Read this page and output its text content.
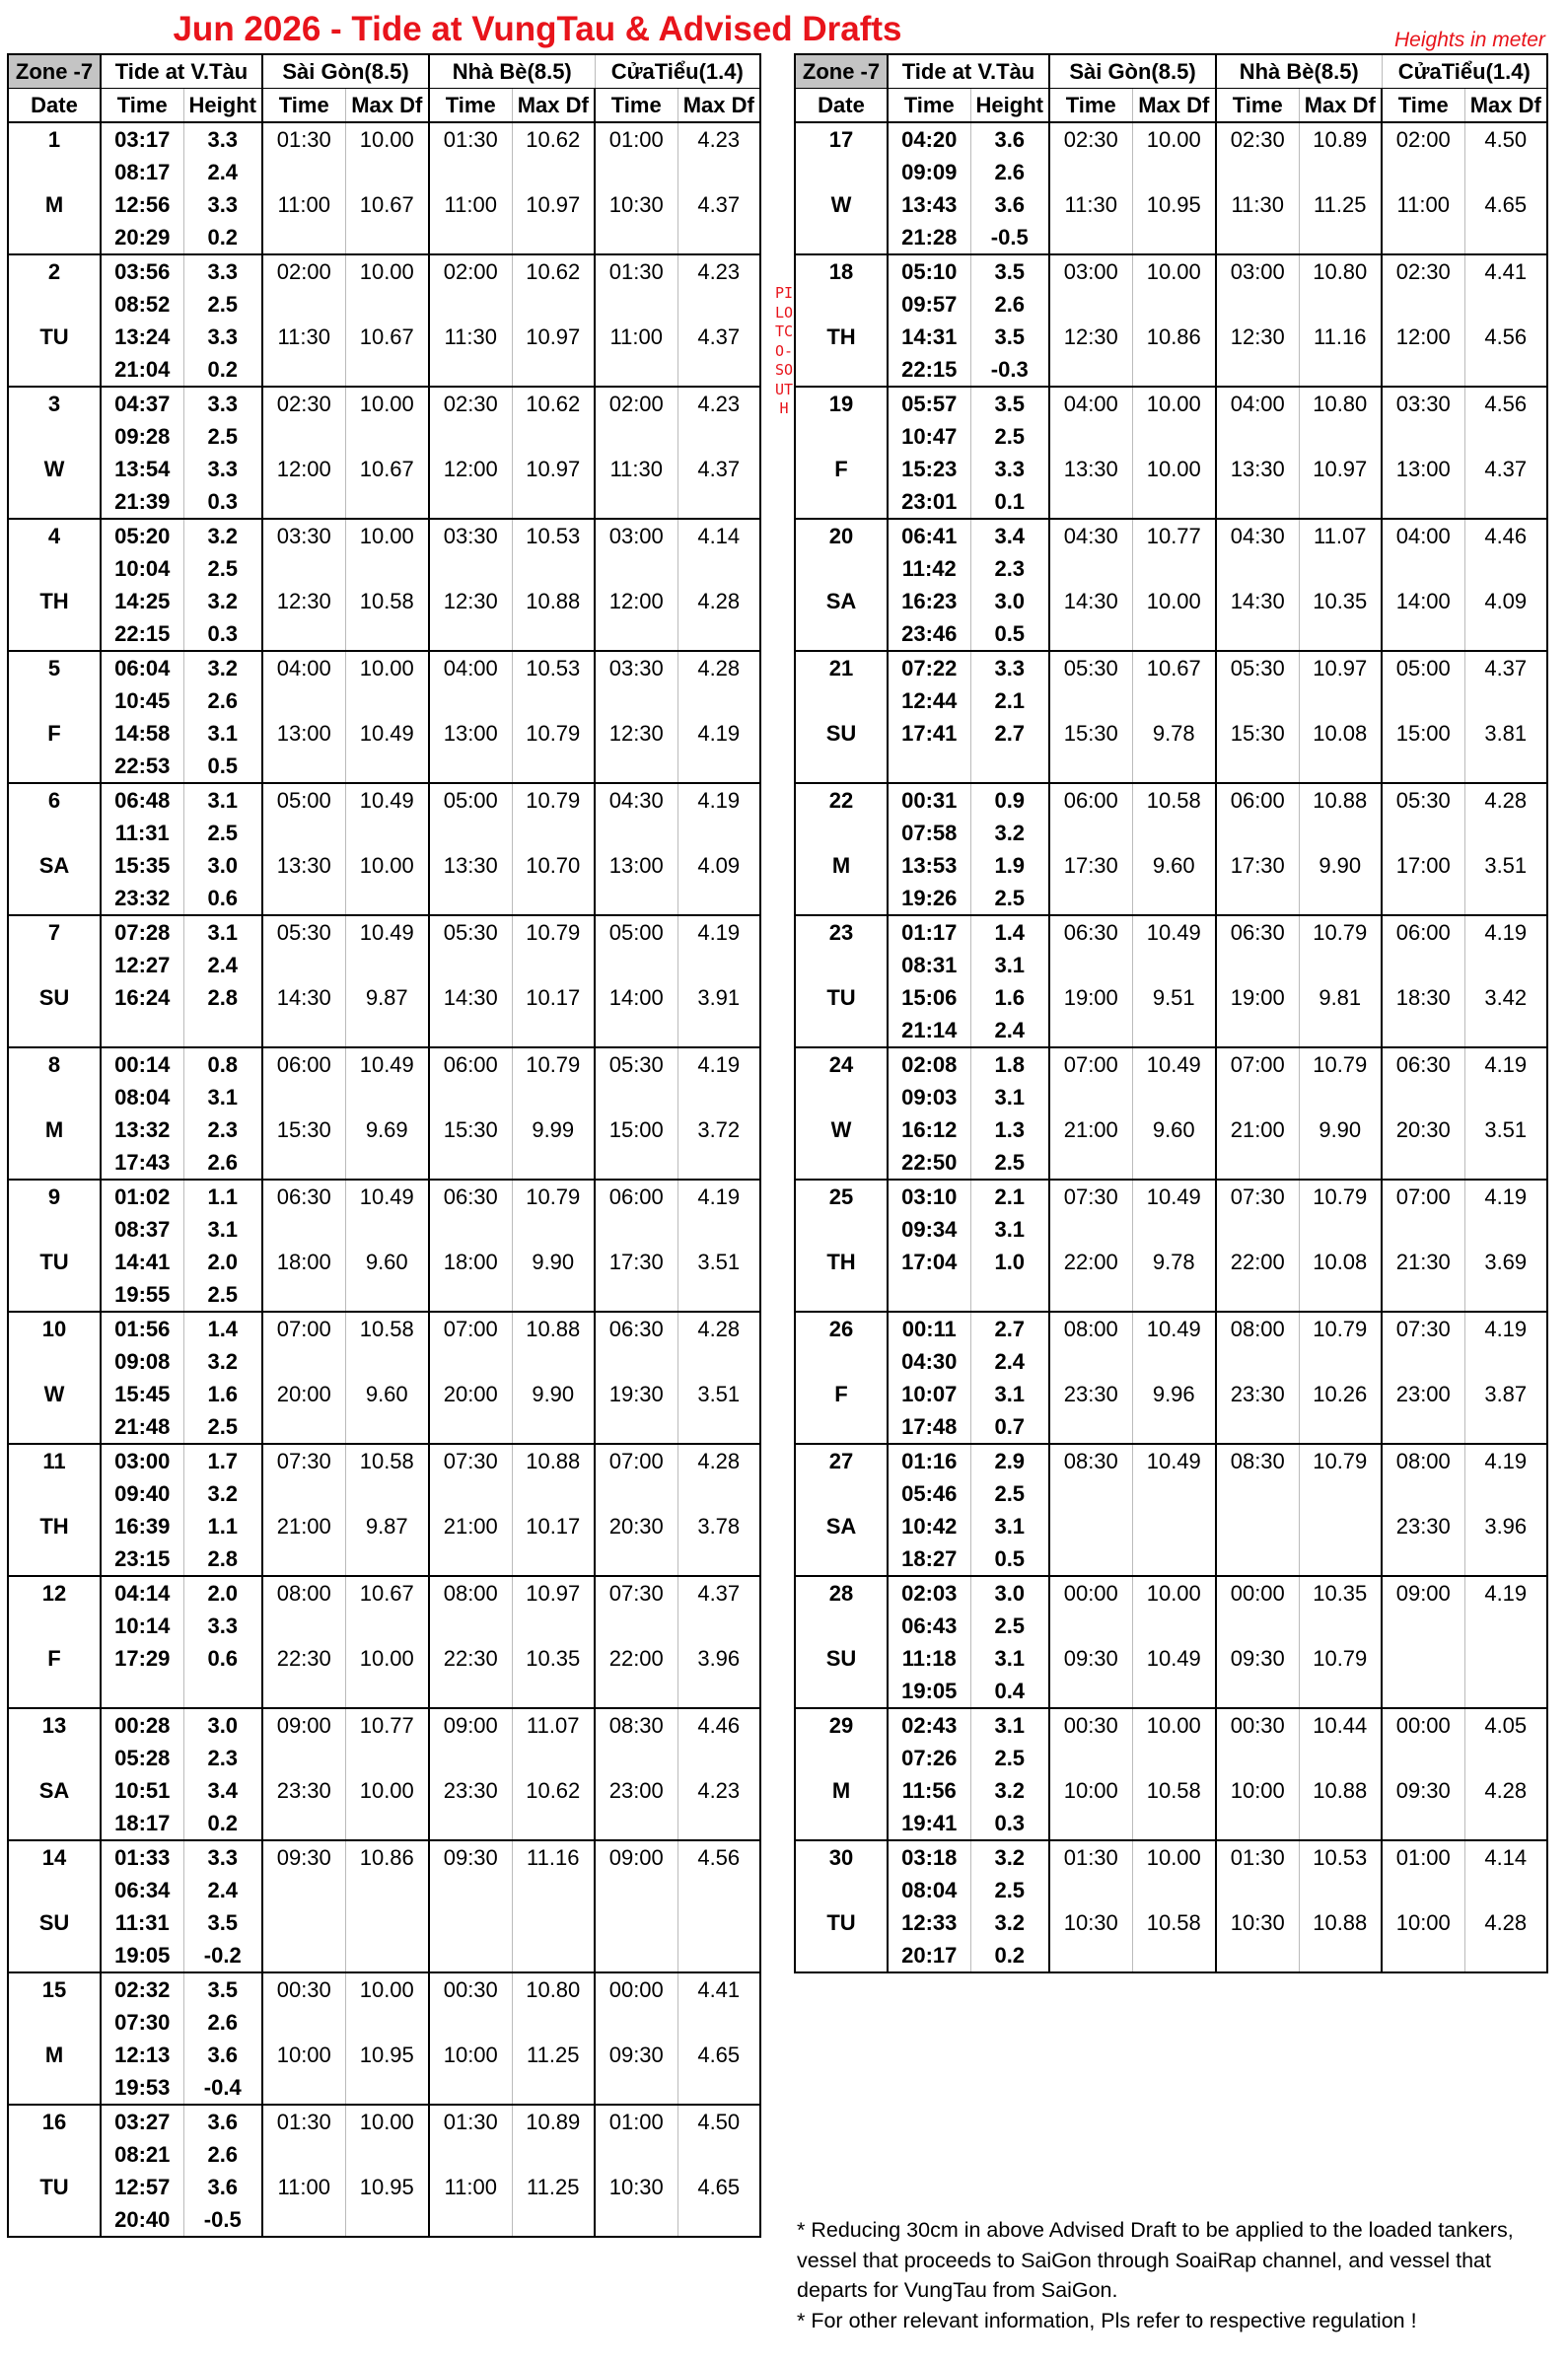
Jun 2026 - Tide at VungTau & Advised Drafts	Heights in meter
PILOTCO-SOUTH
Zone -7	Tide at V.Tàu		Sài Gòn(8.5)		Nhà Bè(8.5)		CửaTiểu(1.4)	
Date	Time	Height	Time	Max Df	Time	Max Df	Time	Max Df
1	03:17	3.3	01:30	10.00	01:30	10.62	01:00	4.23
	08:17	2.4						
M	12:56	3.3	11:00	10.67	11:00	10.97	10:30	4.37
	20:29	0.2						
2	03:56	3.3	02:00	10.00	02:00	10.62	01:30	4.23
	08:52	2.5						
TU	13:24	3.3	11:30	10.67	11:30	10.97	11:00	4.37
	21:04	0.2						
3	04:37	3.3	02:30	10.00	02:30	10.62	02:00	4.23
	09:28	2.5						
W	13:54	3.3	12:00	10.67	12:00	10.97	11:30	4.37
	21:39	0.3						
4	05:20	3.2	03:30	10.00	03:30	10.53	03:00	4.14
	10:04	2.5						
TH	14:25	3.2	12:30	10.58	12:30	10.88	12:00	4.28
	22:15	0.3						
5	06:04	3.2	04:00	10.00	04:00	10.53	03:30	4.28
	10:45	2.6						
F	14:58	3.1	13:00	10.49	13:00	10.79	12:30	4.19
	22:53	0.5						
6	06:48	3.1	05:00	10.49	05:00	10.79	04:30	4.19
	11:31	2.5						
SA	15:35	3.0	13:30	10.00	13:30	10.70	13:00	4.09
	23:32	0.6						
7	07:28	3.1	05:30	10.49	05:30	10.79	05:00	4.19
	12:27	2.4						
SU	16:24	2.8	14:30	9.87	14:30	10.17	14:00	3.91

8	00:14	0.8	06:00	10.49	06:00	10.79	05:30	4.19
	08:04	3.1						
M	13:32	2.3	15:30	9.69	15:30	9.99	15:00	3.72
	17:43	2.6						
9	01:02	1.1	06:30	10.49	06:30	10.79	06:00	4.19
	08:37	3.1						
TU	14:41	2.0	18:00	9.60	18:00	9.90	17:30	3.51
	19:55	2.5						
10	01:56	1.4	07:00	10.58	07:00	10.88	06:30	4.28
	09:08	3.2						
W	15:45	1.6	20:00	9.60	20:00	9.90	19:30	3.51
	21:48	2.5						
11	03:00	1.7	07:30	10.58	07:30	10.88	07:00	4.28
	09:40	3.2						
TH	16:39	1.1	21:00	9.87	21:00	10.17	20:30	3.78
	23:15	2.8						
12	04:14	2.0	08:00	10.67	08:00	10.97	07:30	4.37
	10:14	3.3						
F	17:29	0.6	22:30	10.00	22:30	10.35	22:00	3.96

13	00:28	3.0	09:00	10.77	09:00	11.07	08:30	4.46
	05:28	2.3						
SA	10:51	3.4	23:30	10.00	23:30	10.62	23:00	4.23
	18:17	0.2						
14	01:33	3.3	09:30	10.86	09:30	11.16	09:00	4.56
	06:34	2.4						
SU	11:31	3.5						
	19:05	-0.2						
15	02:32	3.5	00:30	10.00	00:30	10.80	00:00	4.41
	07:30	2.6						
M	12:13	3.6	10:00	10.95	10:00	11.25	09:30	4.65
	19:53	-0.4						
16	03:27	3.6	01:30	10.00	01:30	10.89	01:00	4.50
	08:21	2.6						
TU	12:57	3.6	11:00	10.95	11:00	11.25	10:30	4.65
	20:40	-0.5						
Zone -7	Tide at V.Tàu		Sài Gòn(8.5)		Nhà Bè(8.5)		CửaTiểu(1.4)	
Date	Time	Height	Time	Max Df	Time	Max Df	Time	Max Df
17	04:20	3.6	02:30	10.00	02:30	10.89	02:00	4.50
	09:09	2.6						
W	13:43	3.6	11:30	10.95	11:30	11.25	11:00	4.65
	21:28	-0.5						
18	05:10	3.5	03:00	10.00	03:00	10.80	02:30	4.41
	09:57	2.6						
TH	14:31	3.5	12:30	10.86	12:30	11.16	12:00	4.56
	22:15	-0.3						
19	05:57	3.5	04:00	10.00	04:00	10.80	03:30	4.56
	10:47	2.5						
F	15:23	3.3	13:30	10.00	13:30	10.97	13:00	4.37
	23:01	0.1						
20	06:41	3.4	04:30	10.77	04:30	11.07	04:00	4.46
	11:42	2.3						
SA	16:23	3.0	14:30	10.00	14:30	10.35	14:00	4.09
	23:46	0.5						
21	07:22	3.3	05:30	10.67	05:30	10.97	05:00	4.37
	12:44	2.1						
SU	17:41	2.7	15:30	9.78	15:30	10.08	15:00	3.81

22	00:31	0.9	06:00	10.58	06:00	10.88	05:30	4.28
	07:58	3.2						
M	13:53	1.9	17:30	9.60	17:30	9.90	17:00	3.51
	19:26	2.5						
23	01:17	1.4	06:30	10.49	06:30	10.79	06:00	4.19
	08:31	3.1						
TU	15:06	1.6	19:00	9.51	19:00	9.81	18:30	3.42
	21:14	2.4						
24	02:08	1.8	07:00	10.49	07:00	10.79	06:30	4.19
	09:03	3.1						
W	16:12	1.3	21:00	9.60	21:00	9.90	20:30	3.51
	22:50	2.5						
25	03:10	2.1	07:30	10.49	07:30	10.79	07:00	4.19
	09:34	3.1						
TH	17:04	1.0	22:00	9.78	22:00	10.08	21:30	3.69

26	00:11	2.7	08:00	10.49	08:00	10.79	07:30	4.19
	04:30	2.4						
F	10:07	3.1	23:30	9.96	23:30	10.26	23:00	3.87
	17:48	0.7						
27	01:16	2.9	08:30	10.49	08:30	10.79	08:00	4.19
	05:46	2.5						
SA	10:42	3.1					23:30	3.96
	18:27	0.5						
28	02:03	3.0	00:00	10.00	00:00	10.35	09:00	4.19
	06:43	2.5						
SU	11:18	3.1	09:30	10.49	09:30	10.79		
	19:05	0.4						
29	02:43	3.1	00:30	10.00	00:30	10.44	00:00	4.05
	07:26	2.5						
M	11:56	3.2	10:00	10.58	10:00	10.88	09:30	4.28
	19:41	0.3						
30	03:18	3.2	01:30	10.00	01:30	10.53	01:00	4.14
	08:04	2.5						
TU	12:33	3.2	10:30	10.58	10:30	10.88	10:00	4.28
	20:17	0.2						

* Reducing 30cm in above Advised Draft to be applied to the loaded tankers, vessel that proceeds to SaiGon through SoaiRap channel, and vessel that departs for VungTau from SaiGon.

* For other relevant information, Pls refer to respective regulation !
